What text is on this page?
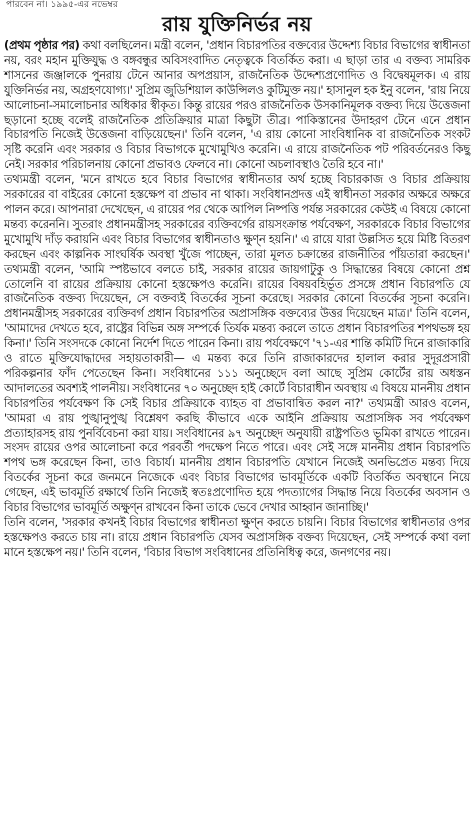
পারবেন না। ১৯৯৫-এর নভেম্বর
রায় যুক্তিনির্ভর নয়

(প্রথম পৃষ্ঠার পর) কথা বলছিলেন। মন্ত্রী বলেন, 'প্রধান বিচারপতির বক্তব্যের উদ্দেশ্য বিচার বিভাগের স্বাধীনতা নয়, বরং মহান মুক্তিযুদ্ধ ও বঙ্গবন্ধুর অবিসংবাদিত নেতৃত্বকে বিতর্কিত করা। এ ছাড়া তার এ বক্তব্য সামরিক শাসনের জঞ্জালকে পুনরায় টেনে আনার অপপ্রয়াস, রাজনৈতিক উদ্দেশ্যপ্রণোদিত ও বিদ্বেষমূলক। এ রায় যুক্তিনির্ভর নয়, অগ্রহণযোগ্য।' সুপ্রিম জুডিশিয়াল কাউন্সিলও কুটিমুক্ত নয়।' হাসানুল হক ইনু বলেন, 'রায় নিয়ে আলোচনা-সমালোচনার অধিকার স্বীকৃত। কিন্তু রায়ের পরও রাজনৈতিক উসকানিমূলক বক্তব্য দিয়ে উত্তেজনা ছড়ানো হচ্ছে বলেই রাজনৈতিক প্রতিক্রিয়ার মাত্রা কিছুটা তীব্র। পাকিস্তানের উদাহরণ টেনে এনে প্রধান বিচারপতি নিজেই উত্তেজনা বাড়িয়েছেন।' তিনি বলেন, 'এ রায় কোনো সাংবিধানিক বা রাজনৈতিক সংকট সৃষ্টি করেনি এবং সরকার ও বিচার বিভাগকে মুখোমুখিও করেনি। এ রায়ে রাজনৈতিক পট পরিবর্তনেরও কিছু নেই। সরকার পরিচালনায় কোনো প্রভাবও ফেলবে না। কোনো অচলাবস্থাও তৈরি হবে না।'

তথ্যমন্ত্রী বলেন, 'মনে রাখতে হবে বিচার বিভাগের স্বাধীনতার অর্থ হচ্ছে বিচারকাজ ও বিচার প্রক্রিয়ায় সরকারের বা বাইরের কোনো হস্তক্ষেপ বা প্রভাব না থাকা। সংবিধানপ্রদত্ত এই স্বাধীনতা সরকার অক্ষরে অক্ষরে পালন করে। আপনারা দেখেছেন, এ রায়ের পর থেকে আপিল নিষ্পত্তি পর্যন্ত সরকারের কেউই এ বিষয়ে কোনো মন্তব্য করেননি। সুতরাং প্রধানমন্ত্রীসহ সরকারের ব্যক্তিবর্গের রায়সংক্রান্ত পর্যবেক্ষণ, সরকারকে বিচার বিভাগের মুখোমুখি দাঁড় করায়নি এবং বিচার বিভাগের স্বাধীনতাও ক্ষুণ্ন হয়নি।' এ রায়ে যারা উল্লসিত হয়ে মিষ্টি বিতরণ করছেন এবং কাল্পনিক সাংঘর্ষিক অবস্থা খুঁজে পাচ্ছেন, তারা মূলত চক্রান্তের রাজনীতির পাঁয়তারা করছেন।' তথ্যমন্ত্রী বলেন, 'আমি স্পষ্টভাবে বলতে চাই, সরকার রায়ের জায়গাটুকু ও সিদ্ধান্তের বিষয়ে কোনো প্রশ্ন তোলেনি বা রায়ের প্রক্রিয়ায় কোনো হস্তক্ষেপও করেনি। রায়ের বিষয়বহির্ভূত প্রসঙ্গে প্রধান বিচারপতি যে রাজনৈতিক বক্তব্য দিয়েছেন, সে বক্তব্যই বিতর্কের সূচনা করেছে। সরকার কোনো বিতর্কের সূচনা করেনি। প্রধানমন্ত্রীসহ সরকারের ব্যক্তিবর্গ প্রধান বিচারপতির অপ্রাসঙ্গিক বক্তব্যের উত্তর দিয়েছেন মাত্র।' তিনি বলেন, 'আমাদের দেখতে হবে, রাষ্ট্রের বিভিন্ন অঙ্গ সম্পর্কে তির্যক মন্তব্য করলে তাতে প্রধান বিচারপতির শপথভঙ্গ হয় কিনা।' তিনি সংসদকে কোনো নির্দেশ দিতে পারেন কিনা। রায় পর্যবেক্ষণে '৭১-এর শান্তি কমিটি দিনে রাজাকারি ও রাতে মুক্তিযোদ্ধাদের সহায়তাকারী— এ মন্তব্য করে তিনি রাজাকারদের হালাল করার সুদূরপ্রসারী পরিকল্পনার ফাঁদ পেতেছেন কিনা। সংবিধানের ১১১ অনুচ্ছেদে বলা আছে সুপ্রিম কোর্টের রায় অধস্তন আদালতের অবশ্যই পালনীয়। সংবিধানের ৭০ অনুচ্ছেদ হাই কোর্টে বিচারাধীন অবস্থায় এ বিষয়ে মাননীয় প্রধান বিচারপতির পর্যবেক্ষণ কি সেই বিচার প্রক্রিয়াকে ব্যাহত বা প্রভাবান্বিত করল না?' তথ্যমন্ত্রী আরও বলেন, 'আমরা এ রায় পুঙ্খানুপুঙ্খ বিশ্লেষণ করছি কীভাবে একে আইনি প্রক্রিয়ায় অপ্রাসঙ্গিক সব পর্যবেক্ষণ প্রত্যাহারসহ রায় পুনর্বিবেচনা করা যায়। সংবিধানের ৯৭ অনুচ্ছেদ অনুযায়ী রাষ্ট্রপতিও ভূমিকা রাখতে পারেন। সংসদ রায়ের ওপর আলোচনা করে পরবর্তী পদক্ষেপ নিতে পারে। এবং সেই সঙ্গে মাননীয় প্রধান বিচারপতি শপথ ভঙ্গ করেছেন কিনা, তাও বিচার্য। মাননীয় প্রধান বিচারপতি যেখানে নিজেই অনভিপ্রেত মন্তব্য দিয়ে বিতর্কের সূচনা করে জনমনে নিজেকে এবং বিচার বিভাগের ভাবমূর্তিকে একটি বিতর্কিত অবস্থানে নিয়ে গেছেন, এই ভাবমূর্তি রক্ষার্থে তিনি নিজেই স্বতঃপ্রণোদিত হয়ে পদত্যাগের সিদ্ধান্ত নিয়ে বিতর্কের অবসান ও বিচার বিভাগের ভাবমূর্তি অক্ষুণ্ন রাখবেন কিনা তাকে ভেবে দেখার আহ্বান জানাচ্ছি।'

তিনি বলেন, 'সরকার কখনই বিচার বিভাগের স্বাধীনতা ক্ষুণ্ন করতে চায়নি। বিচার বিভাগের স্বাধীনতার ওপর হস্তক্ষেপও করতে চায় না। রায়ে প্রধান বিচারপতি যেসব অপ্রাসঙ্গিক বক্তব্য দিয়েছেন, সেই সম্পর্কে কথা বলা মানে হস্তক্ষেপ নয়।' তিনি বলেন, 'বিচার বিভাগ সংবিধানের প্রতিনিধিত্ব করে, জনগণের নয়।
